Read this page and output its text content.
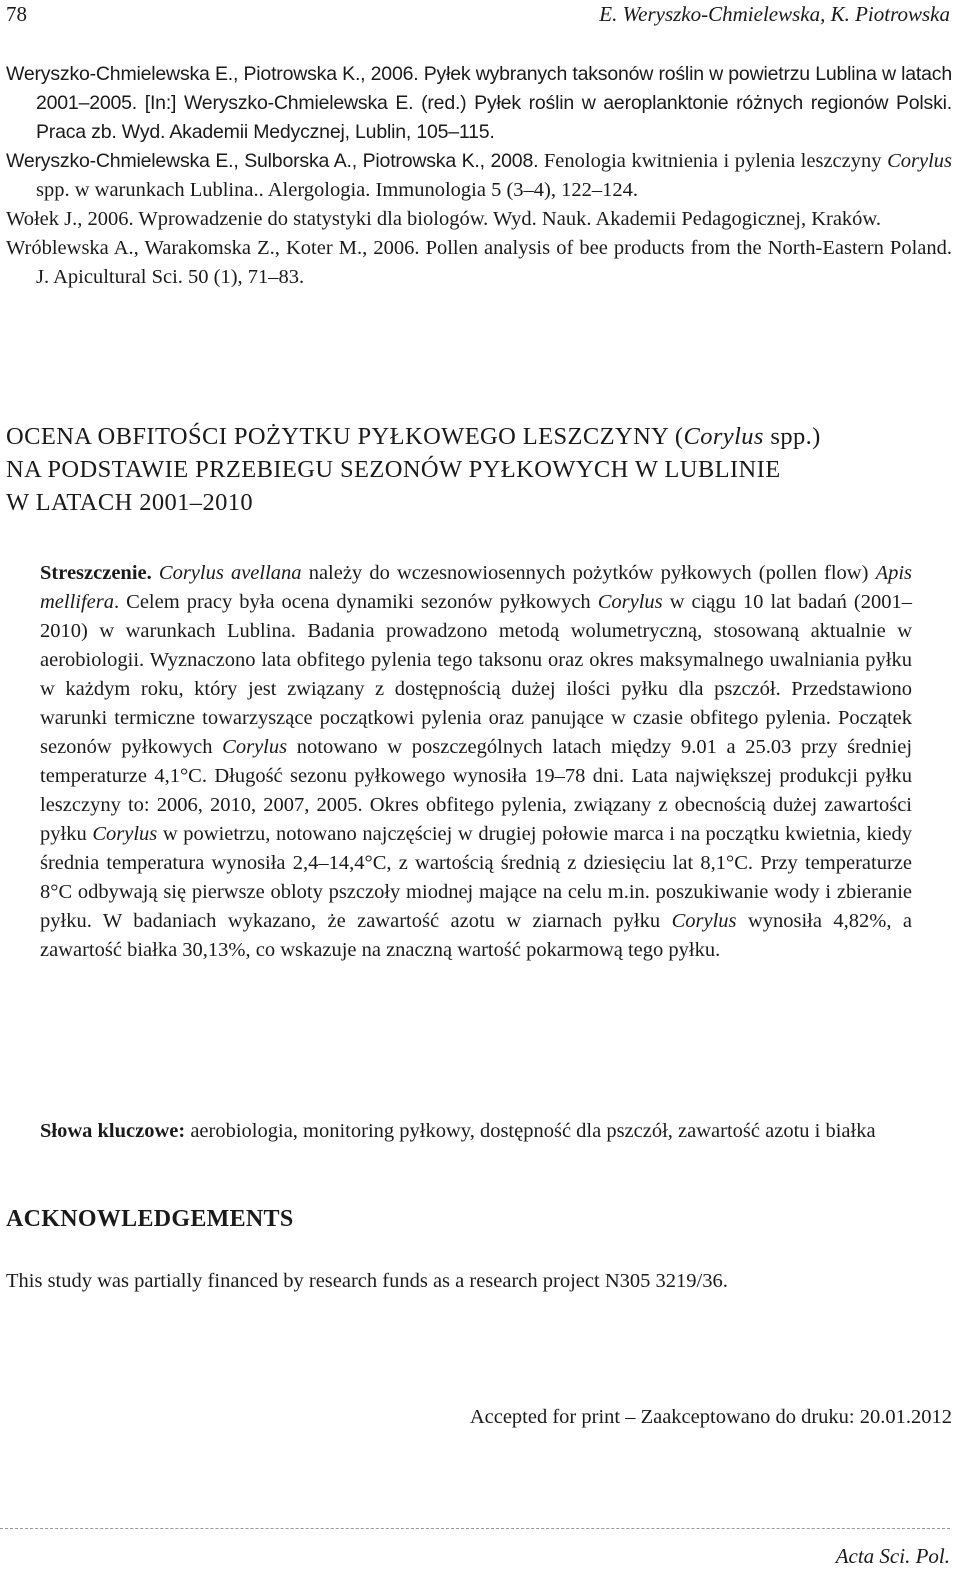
78	E. Weryszko-Chmielewska, K. Piotrowska
Weryszko-Chmielewska E., Piotrowska K., 2006. Pyłek wybranych taksonów roślin w powietrzu Lublina w latach 2001–2005. [In:] Weryszko-Chmielewska E. (red.) Pyłek roślin w aeroplanktonie różnych regionów Polski. Praca zb. Wyd. Akademii Medycznej, Lublin, 105–115.
Weryszko-Chmielewska E., Sulborska A., Piotrowska K., 2008. Fenologia kwitnienia i pylenia leszczyny Corylus spp. w warunkach Lublina.. Alergologia. Immunologia 5 (3–4), 122–124.
Wołek J., 2006. Wprowadzenie do statystyki dla biologów. Wyd. Nauk. Akademii Pedagogicznej, Kraków.
Wróblewska A., Warakomska Z., Koter M., 2006. Pollen analysis of bee products from the North-Eastern Poland. J. Apicultural Sci. 50 (1), 71–83.
OCENA OBFITOŚCI POŻYTKU PYŁKOWEGO LESZCZYNY (Corylus spp.)
NA PODSTAWIE PRZEBIEGU SEZONÓW PYŁKOWYCH W LUBLINIE
W LATACH 2001–2010
Streszczenie. Corylus avellana należy do wczesnowiosennych pożytków pyłkowych (pollen flow) Apis mellifera. Celem pracy była ocena dynamiki sezonów pyłkowych Corylus w ciągu 10 lat badań (2001–2010) w warunkach Lublina. Badania prowadzono metodą wolumetryczną, stosowaną aktualnie w aerobiologii. Wyznaczono lata obfitego pylenia tego taksonu oraz okres maksymalnego uwalniania pyłku w każdym roku, który jest związany z dostępnością dużej ilości pyłku dla pszczół. Przedstawiono warunki termiczne towarzyszące początkowi pylenia oraz panujące w czasie obfitego pylenia. Początek sezonów pyłkowych Corylus notowano w poszczególnych latach między 9.01 a 25.03 przy średniej temperaturze 4,1°C. Długość sezonu pyłkowego wynosiła 19–78 dni. Lata największej produkcji pyłku leszczyny to: 2006, 2010, 2007, 2005. Okres obfitego pylenia, związany z obecnością dużej zawartości pyłku Corylus w powietrzu, notowano najczęściej w drugiej połowie marca i na początku kwietnia, kiedy średnia temperatura wynosiła 2,4–14,4°C, z wartością średnią z dziesięciu lat 8,1°C. Przy temperaturze 8°C odbywają się pierwsze obloty pszczoły miodnej mające na celu m.in. poszukiwanie wody i zbieranie pyłku. W badaniach wykazano, że zawartość azotu w ziarnach pyłku Corylus wynosiła 4,82%, a zawartość białka 30,13%, co wskazuje na znaczną wartość pokarmową tego pyłku.
Słowa kluczowe: aerobiologia, monitoring pyłkowy, dostępność dla pszczół, zawartość azotu i białka
ACKNOWLEDGEMENTS
This study was partially financed by research funds as a research project N305 3219/36.
Accepted for print – Zaakceptowano do druku: 20.01.2012
Acta Sci. Pol.
